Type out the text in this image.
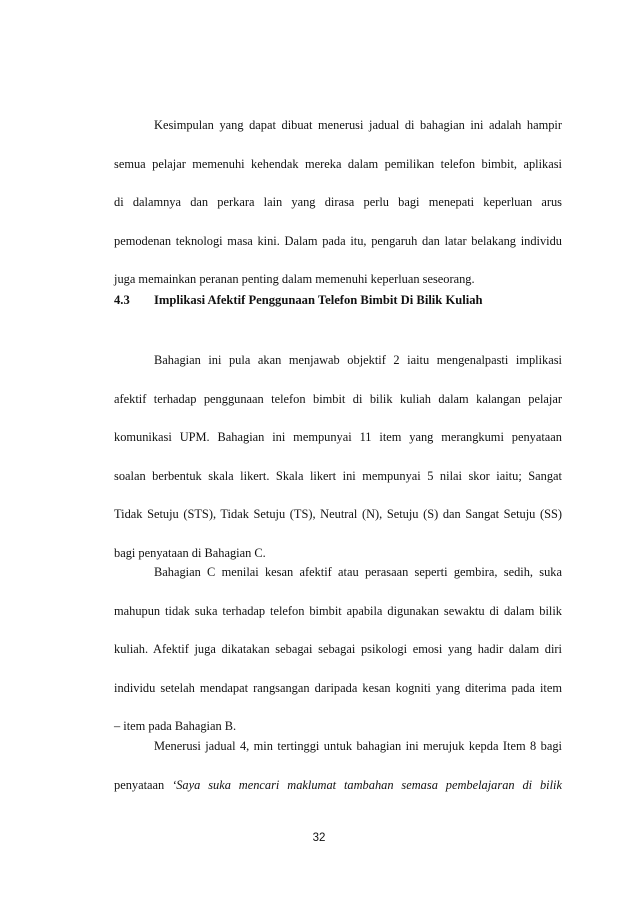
Kesimpulan yang dapat dibuat menerusi jadual di bahagian ini adalah hampir
semua pelajar memenuhi kehendak mereka dalam pemilikan telefon bimbit, aplikasi
di dalamnya dan perkara lain yang dirasa perlu bagi menepati keperluan arus
pemodenan teknologi masa kini. Dalam pada itu, pengaruh dan latar belakang individu
juga memainkan peranan penting dalam memenuhi keperluan seseorang.
4.3 Implikasi Afektif Penggunaan Telefon Bimbit Di Bilik Kuliah
Bahagian ini pula akan menjawab objektif 2 iaitu mengenalpasti implikasi
afektif terhadap penggunaan telefon bimbit di bilik kuliah dalam kalangan pelajar
komunikasi UPM. Bahagian ini mempunyai 11 item yang merangkumi penyataan
soalan berbentuk skala likert. Skala likert ini mempunyai 5 nilai skor iaitu; Sangat
Tidak Setuju (STS), Tidak Setuju (TS), Neutral (N), Setuju (S) dan Sangat Setuju (SS)
bagi penyataan di Bahagian C.
Bahagian C menilai kesan afektif atau perasaan seperti gembira, sedih, suka
mahupun tidak suka terhadap telefon bimbit apabila digunakan sewaktu di dalam bilik
kuliah. Afektif juga dikatakan sebagai sebagai psikologi emosi yang hadir dalam diri
individu setelah mendapat rangsangan daripada kesan kogniti yang diterima pada item
– item pada Bahagian B.
Menerusi jadual 4, min tertinggi untuk bahagian ini merujuk kepda Item 8 bagi
penyataan ‘Saya suka mencari maklumat tambahan semasa pembelajaran di bilik
32
